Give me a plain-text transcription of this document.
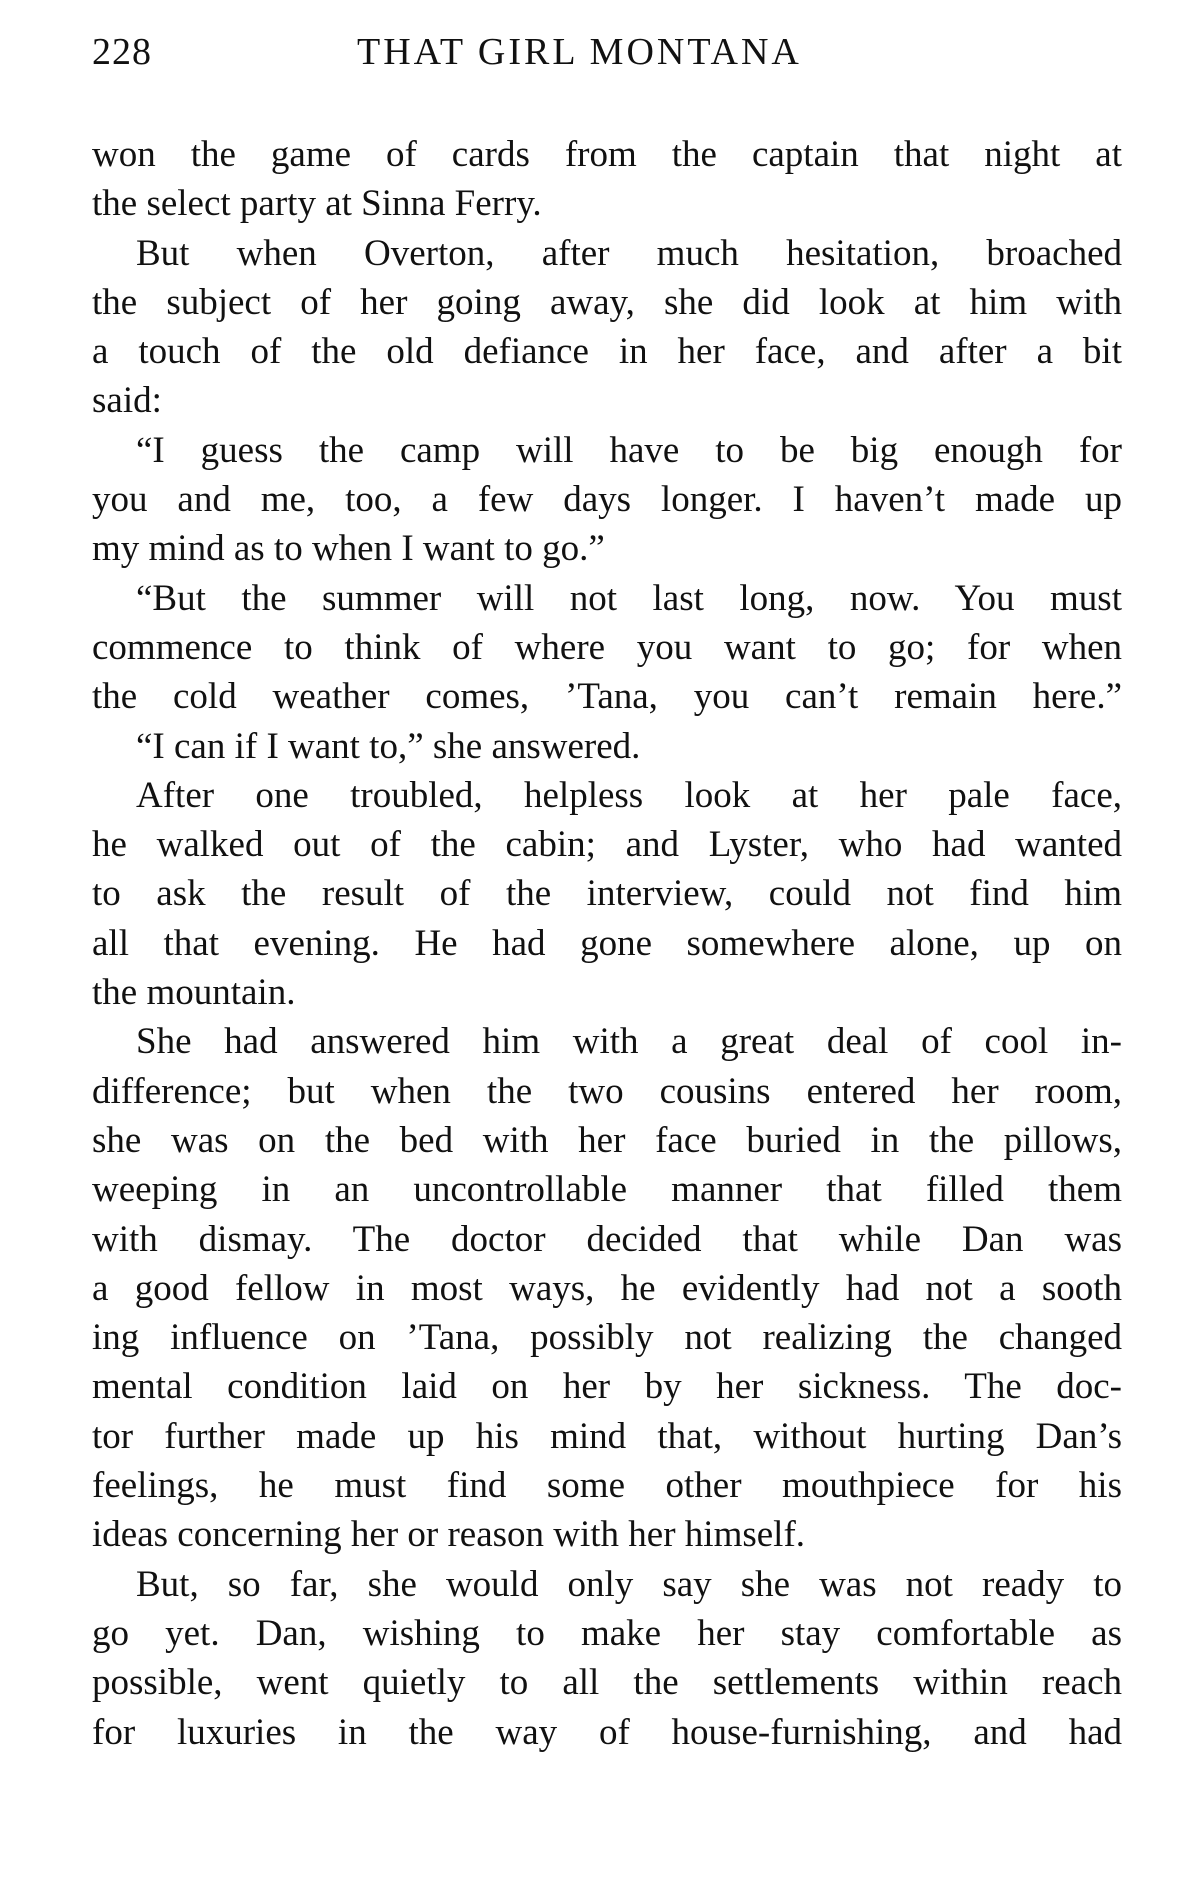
228	THAT GIRL MONTANA
won the game of cards from the captain that night at
the select party at Sinna Ferry.
But when Overton, after much hesitation, broached
the subject of her going away, she did look at him with
a touch of the old defiance in her face, and after a bit
said:
“I guess the camp will have to be big enough for
you and me, too, a few days longer. I haven’t made up
my mind as to when I want to go.”
“But the summer will not last long, now. You must
commence to think of where you want to go; for when
the cold weather comes, ’Tana, you can’t remain here.”
“I can if I want to,” she answered.
After one troubled, helpless look at her pale face,
he walked out of the cabin; and Lyster, who had wanted
to ask the result of the interview, could not find him
all that evening. He had gone somewhere alone, up on
the mountain.
She had answered him with a great deal of cool in-
difference; but when the two cousins entered her room,
she was on the bed with her face buried in the pillows,
weeping in an uncontrollable manner that filled them
with dismay. The doctor decided that while Dan was
a good fellow in most ways, he evidently had not a sooth
ing influence on ’Tana, possibly not realizing the changed
mental condition laid on her by her sickness. The doc-
tor further made up his mind that, without hurting Dan’s
feelings, he must find some other mouthpiece for his
ideas concerning her or reason with her himself.
But, so far, she would only say she was not ready to
go yet. Dan, wishing to make her stay comfortable as
possible, went quietly to all the settlements within reach
for luxuries in the way of house-furnishing, and had
